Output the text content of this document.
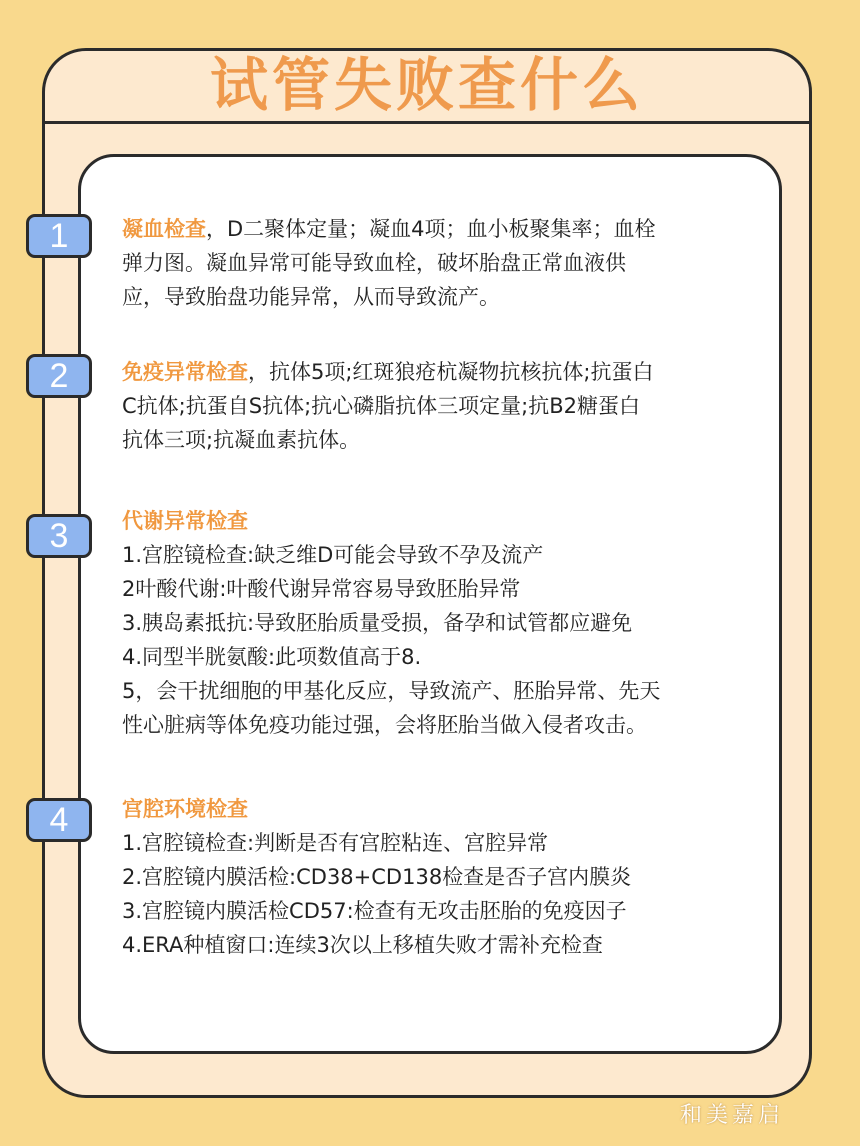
试管失败查什么
1	凝血检查，D二聚体定量；凝血4项；血小板聚集率；血栓
弹力图。凝血异常可能导致血栓，破坏胎盘正常血液供
应，导致胎盘功能异常，从而导致流产。
2	免疫异常检查，抗体5项;红斑狼疮杭凝物抗核抗体;抗蛋白
C抗体;抗蛋自S抗体;抗心磷脂抗体三项定量;抗B2糖蛋白
抗体三项;抗凝血素抗体。
3	代谢异常检查
1.宫腔镜检查:缺乏维D可能会导致不孕及流产
2叶酸代谢:叶酸代谢异常容易导致胚胎异常
3.胰岛素抵抗:导致胚胎质量受损，备孕和试管都应避免
4.同型半胱氨酸:此项数值高于8.
5，会干扰细胞的甲基化反应，导致流产、胚胎异常、先天
性心脏病等体免疫功能过强，会将胚胎当做入侵者攻击。
4	宫腔环境检查
1.宫腔镜检查:判断是否有宫腔粘连、宫腔异常
2.宫腔镜内膜活检:CD38+CD138检查是否子宫内膜炎
3.宫腔镜内膜活检CD57:检查有无攻击胚胎的免疫因子
4.ERA种植窗口:连续3次以上移植失败才需补充检查
和美嘉启
